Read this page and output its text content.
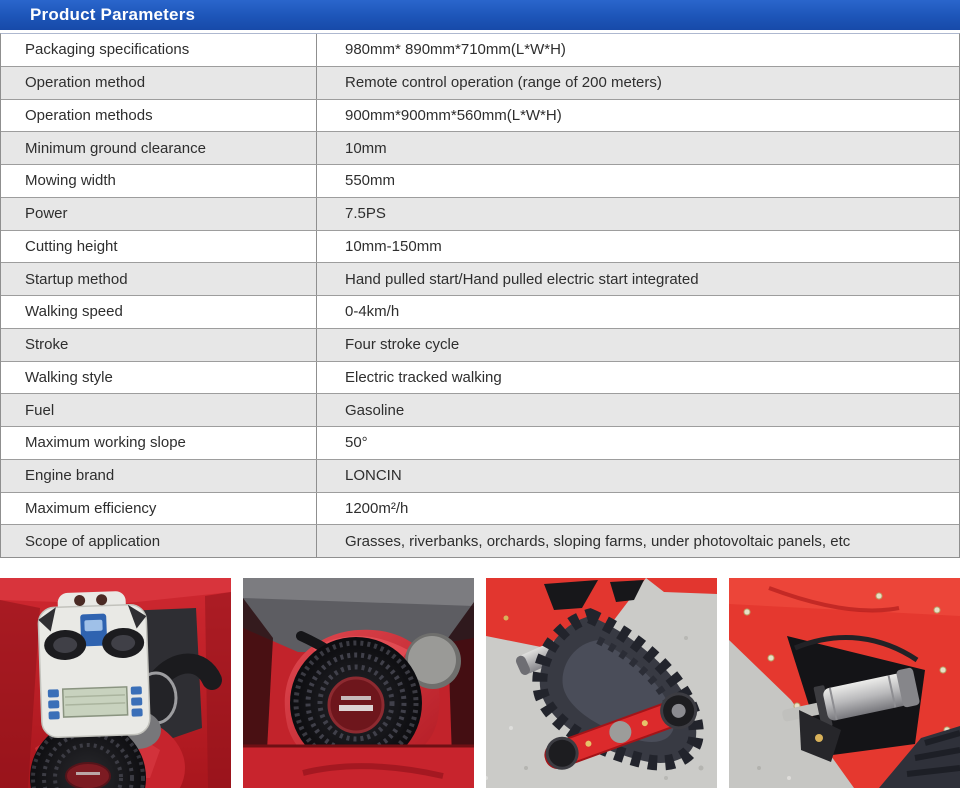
Product Parameters
Packaging specifications	980mm* 890mm*710mm(L*W*H)
Operation method	Remote control operation (range of 200 meters)
Operation methods	900mm*900mm*560mm(L*W*H)
Minimum ground clearance	10mm
Mowing width	550mm
Power	7.5PS
Cutting height	10mm-150mm
Startup method	Hand pulled start/Hand pulled electric start integrated
Walking speed	0-4km/h
Stroke	Four stroke cycle
Walking style	Electric tracked walking
Fuel	Gasoline
Maximum working slope	50°
Engine brand	LONCIN
Maximum efficiency	1200m²/h
Scope of application	Grasses, riverbanks, orchards, sloping farms, under photovoltaic panels, etc
